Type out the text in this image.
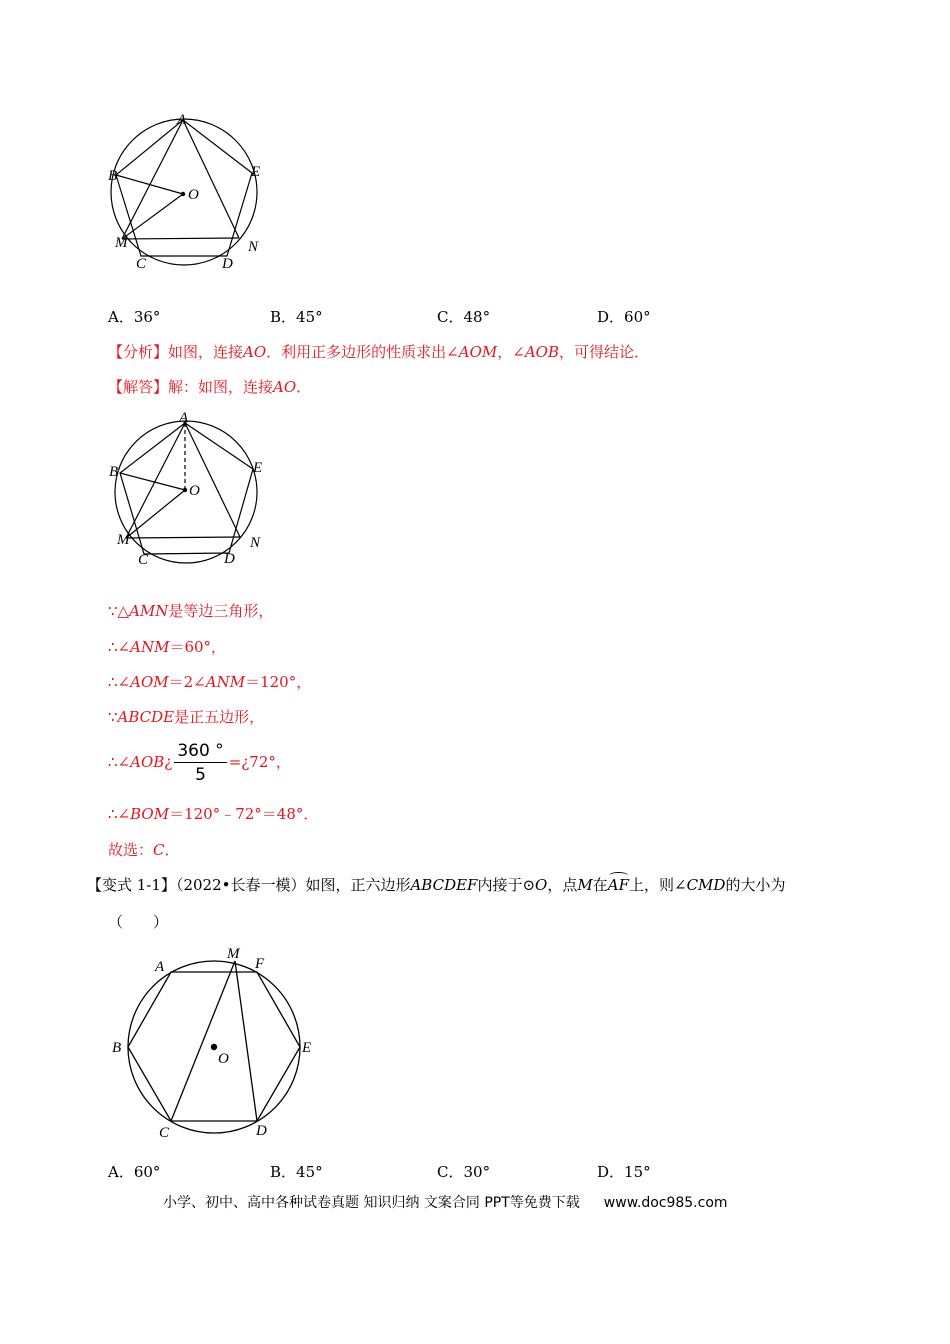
A
B	E
O
M	N
C	D
A．36°	B．45°	C．48°	D．60°
【分析】如图，连接AO．利用正多边形的性质求出∠AOM，∠AOB，可得结论．
【解答】解：如图，连接AO．
A
B	E
O
M	N
C	D
∵△AMN是等边三角形，
∴∠ANM＝60°，
∴∠AOM＝2∠ANM＝120°，
∵ABCDE是正五边形，
∴∠AOB¿ $\frac{360 ^\circ}{5}$ =¿72°，
∴∠BOM＝120°﹣72°＝48°．
故选：C．
【变式 1-1】（2022•长春一模）如图，正六边形ABCDEF内接于⊙O，点M在AF上，则∠CMD的大小为
（　　）
A
M
F
B
O
E
C	D
A．60°	B．45°	C．30°	D．15°
小学、初中、高中各种试卷真题 知识归纳 文案合同 PPT等免费下载 www.doc985.com
